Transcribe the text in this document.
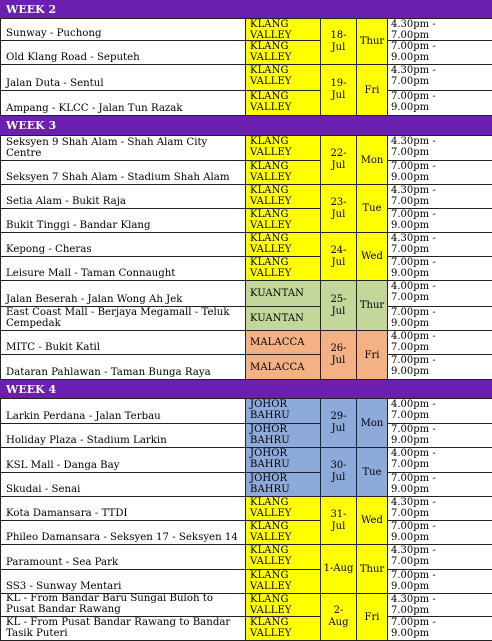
WEEK 2
Sunway - Puchong
Old Klang Road - Seputeh
KLANG
VALLEY
KLANG
VALLEY
18-
Jul Thur
4.30pm -
7.00pm
7.00pm -
9.00pm
Jalan Duta - Sentul
Ampang - KLCC - Jalan Tun Razak
KLANG
VALLEY
KLANG
VALLEY
19-
Jul Fri
4.30pm -
7.00pm
7.00pm -
9.00pm
WEEK 3
Seksyen 9 Shah Alam - Shah Alam City Centre
Seksyen 7 Shah Alam - Stadium Shah Alam
KLANG
VALLEY
KLANG
VALLEY
22-
Jul Mon
4.30pm -
7.00pm
7.00pm -
9.00pm
Setia Alam - Bukit Raja
Bukit Tinggi - Bandar Klang
KLANG
VALLEY
KLANG
VALLEY
23-
Jul Tue
4.30pm -
7.00pm
7.00pm -
9.00pm
Kepong - Cheras
Leisure Mall - Taman Connaught
KLANG
VALLEY
KLANG
VALLEY
24-
Jul Wed
4.30pm -
7.00pm
7.00pm -
9.00pm
Jalan Beserah - Jalan Wong Ah Jek
East Coast Mall - Berjaya Megamall - Teluk Cempedak
KUANTAN
KUANTAN
25-
Jul Thur
4.00pm -
7.00pm
7.00pm -
9.00pm
MITC - Bukit Katil
Dataran Pahlawan - Taman Bunga Raya
MALACCA
MALACCA
26-
Jul Fri
4.00pm -
7.00pm
7.00pm -
9.00pm
WEEK 4
Larkin Perdana - Jalan Terbau
Holiday Plaza - Stadium Larkin
JOHOR
BAHRU
JOHOR
BAHRU
29-
Jul Mon
4.00pm -
7.00pm
7.00pm -
9.00pm
KSL Mall - Danga Bay
Skudai - Senai
JOHOR
BAHRU
JOHOR
BAHRU
30-
Jul Tue
4.00pm -
7.00pm
7.00pm -
9.00pm
Kota Damansara - TTDI
Phileo Damansara - Seksyen 17 - Seksyen 14
KLANG
VALLEY
KLANG
VALLEY
31-
Jul Wed
4.30pm -
7.00pm
7.00pm -
9.00pm
Paramount - Sea Park
SS3 - Sunway Mentari
KLANG
VALLEY
KLANG
VALLEY
1-Aug Thur
4.30pm -
7.00pm
7.00pm -
9.00pm
KL - From Bandar Baru Sungai Buloh to Pusat Bandar Rawang
KL - From Pusat Bandar Rawang to Bandar Tasik Puteri
KLANG
VALLEY
KLANG
VALLEY
2-
Aug Fri
4.30pm -
7.00pm
7.00pm -
9.00pm
